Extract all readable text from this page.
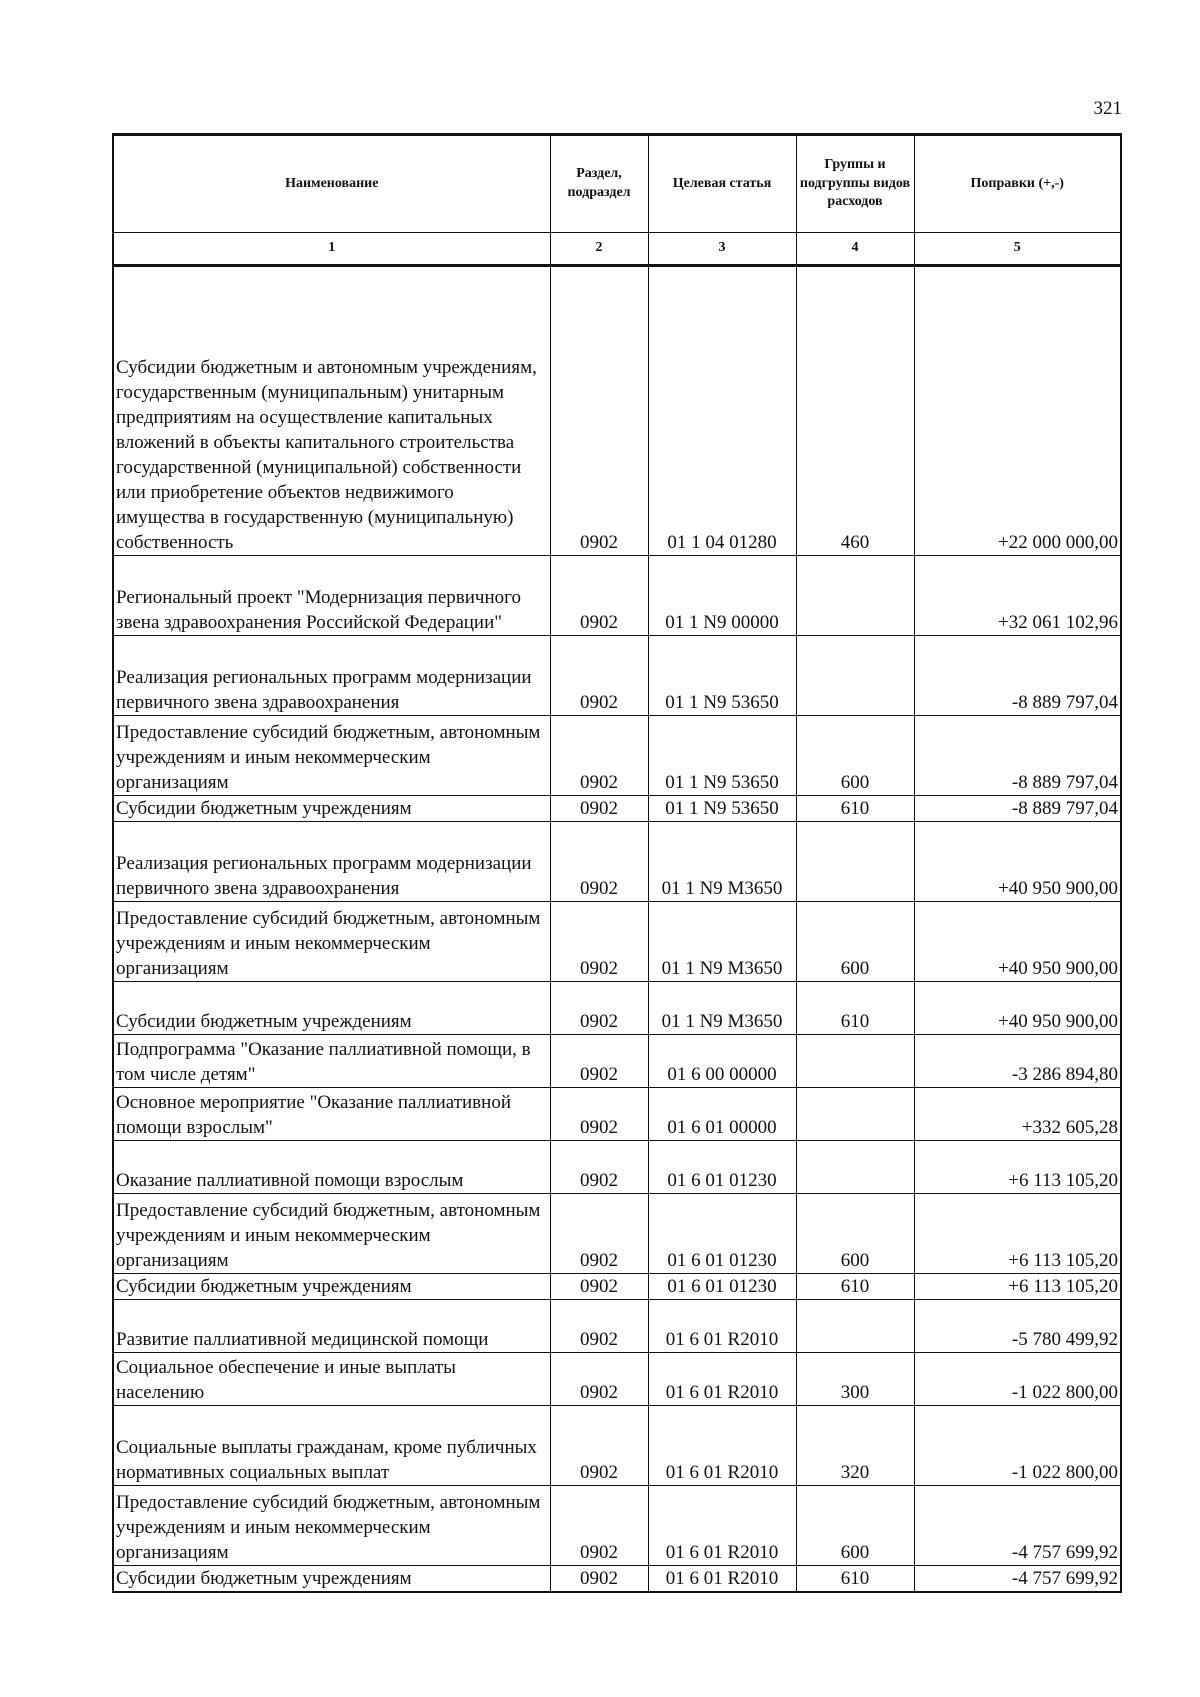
321
Наименование	Раздел, подраздел	Целевая статья	Группы и подгруппы видов расходов	Поправки (+,-)
1	2	3	4	5
Субсидии бюджетным и автономным учреждениям, государственным (муниципальным) унитарным предприятиям на осуществление капитальных вложений в объекты капитального строительства государственной (муниципальной) собственности или приобретение объектов недвижимого имущества в государственную (муниципальную) собственность	0902	01 1 04 01280	460	+22 000 000,00
Региональный проект "Модернизация первичного звена здравоохранения Российской Федерации"	0902	01 1 N9 00000		+32 061 102,96
Реализация региональных программ модернизации первичного звена здравоохранения	0902	01 1 N9 53650		-8 889 797,04
Предоставление субсидий бюджетным, автономным учреждениям и иным некоммерческим организациям	0902	01 1 N9 53650	600	-8 889 797,04
Субсидии бюджетным учреждениям	0902	01 1 N9 53650	610	-8 889 797,04
Реализация региональных программ модернизации первичного звена здравоохранения	0902	01 1 N9 M3650		+40 950 900,00
Предоставление субсидий бюджетным, автономным учреждениям и иным некоммерческим организациям	0902	01 1 N9 M3650	600	+40 950 900,00
Субсидии бюджетным учреждениям	0902	01 1 N9 M3650	610	+40 950 900,00
Подпрограмма "Оказание паллиативной помощи, в том числе детям"	0902	01 6 00 00000		-3 286 894,80
Основное мероприятие "Оказание паллиативной помощи взрослым"	0902	01 6 01 00000		+332 605,28
Оказание паллиативной помощи взрослым	0902	01 6 01 01230		+6 113 105,20
Предоставление субсидий бюджетным, автономным учреждениям и иным некоммерческим организациям	0902	01 6 01 01230	600	+6 113 105,20
Субсидии бюджетным учреждениям	0902	01 6 01 01230	610	+6 113 105,20
Развитие паллиативной медицинской помощи	0902	01 6 01 R2010		-5 780 499,92
Социальное обеспечение и иные выплаты населению	0902	01 6 01 R2010	300	-1 022 800,00
Социальные выплаты гражданам, кроме публичных нормативных социальных выплат	0902	01 6 01 R2010	320	-1 022 800,00
Предоставление субсидий бюджетным, автономным учреждениям и иным некоммерческим организациям	0902	01 6 01 R2010	600	-4 757 699,92
Субсидии бюджетным учреждениям	0902	01 6 01 R2010	610	-4 757 699,92
